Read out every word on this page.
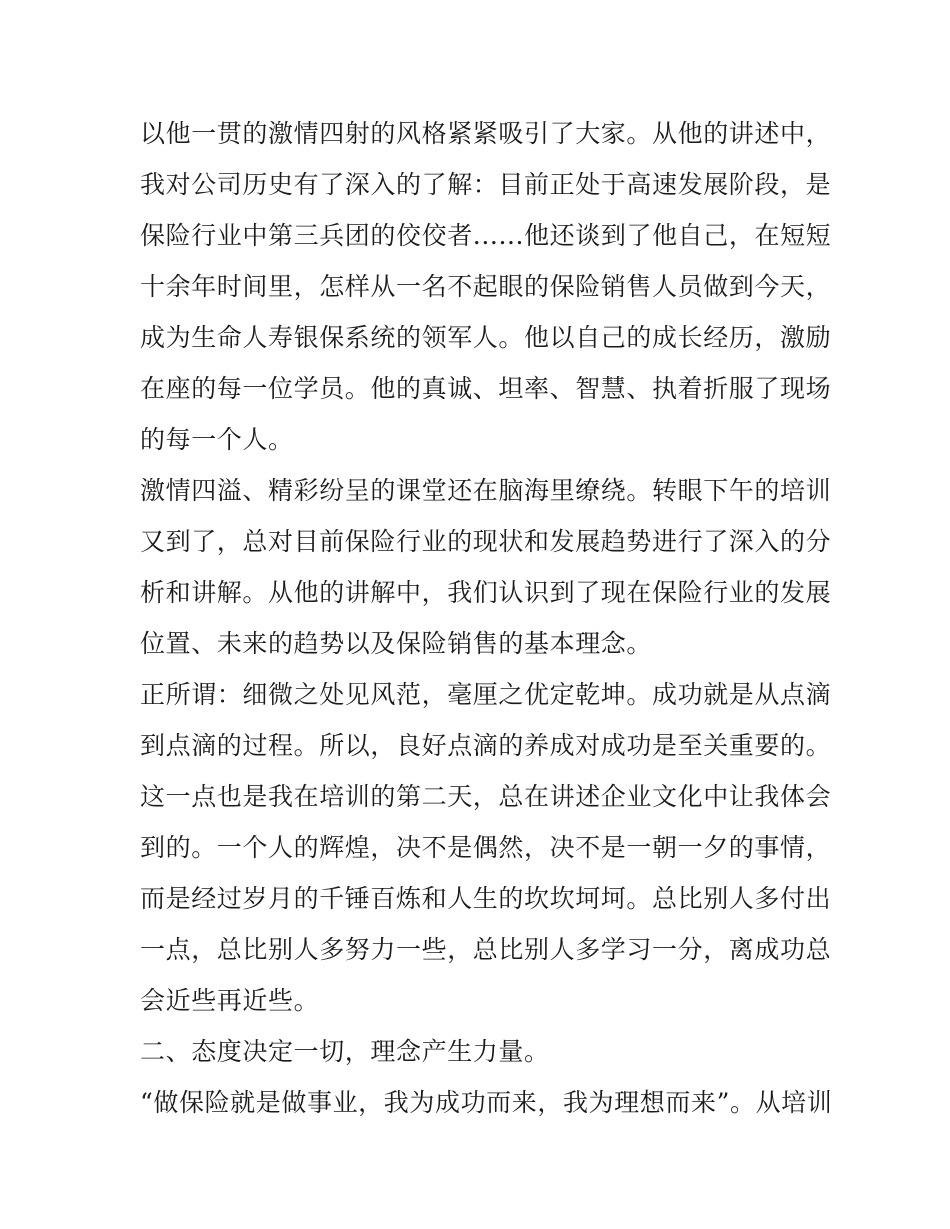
以他一贯的激情四射的风格紧紧吸引了大家。从他的讲述中，
我对公司历史有了深入的了解：目前正处于高速发展阶段，是
保险行业中第三兵团的佼佼者......他还谈到了他自己，在短短
十余年时间里，怎样从一名不起眼的保险销售人员做到今天，
成为生命人寿银保系统的领军人。他以自己的成长经历，激励
在座的每一位学员。他的真诚、坦率、智慧、执着折服了现场
的每一个人。
激情四溢、精彩纷呈的课堂还在脑海里缭绕。转眼下午的培训
又到了，总对目前保险行业的现状和发展趋势进行了深入的分
析和讲解。从他的讲解中，我们认识到了现在保险行业的发展
位置、未来的趋势以及保险销售的基本理念。
正所谓：细微之处见风范，毫厘之优定乾坤。成功就是从点滴
到点滴的过程。所以，良好点滴的养成对成功是至关重要的。
这一点也是我在培训的第二天，总在讲述企业文化中让我体会
到的。一个人的辉煌，决不是偶然，决不是一朝一夕的事情，
而是经过岁月的千锤百炼和人生的坎坎坷坷。总比别人多付出
一点，总比别人多努力一些，总比别人多学习一分，离成功总
会近些再近些。
二、态度决定一切，理念产生力量。
“做保险就是做事业，我为成功而来，我为理想而来”。从培训
